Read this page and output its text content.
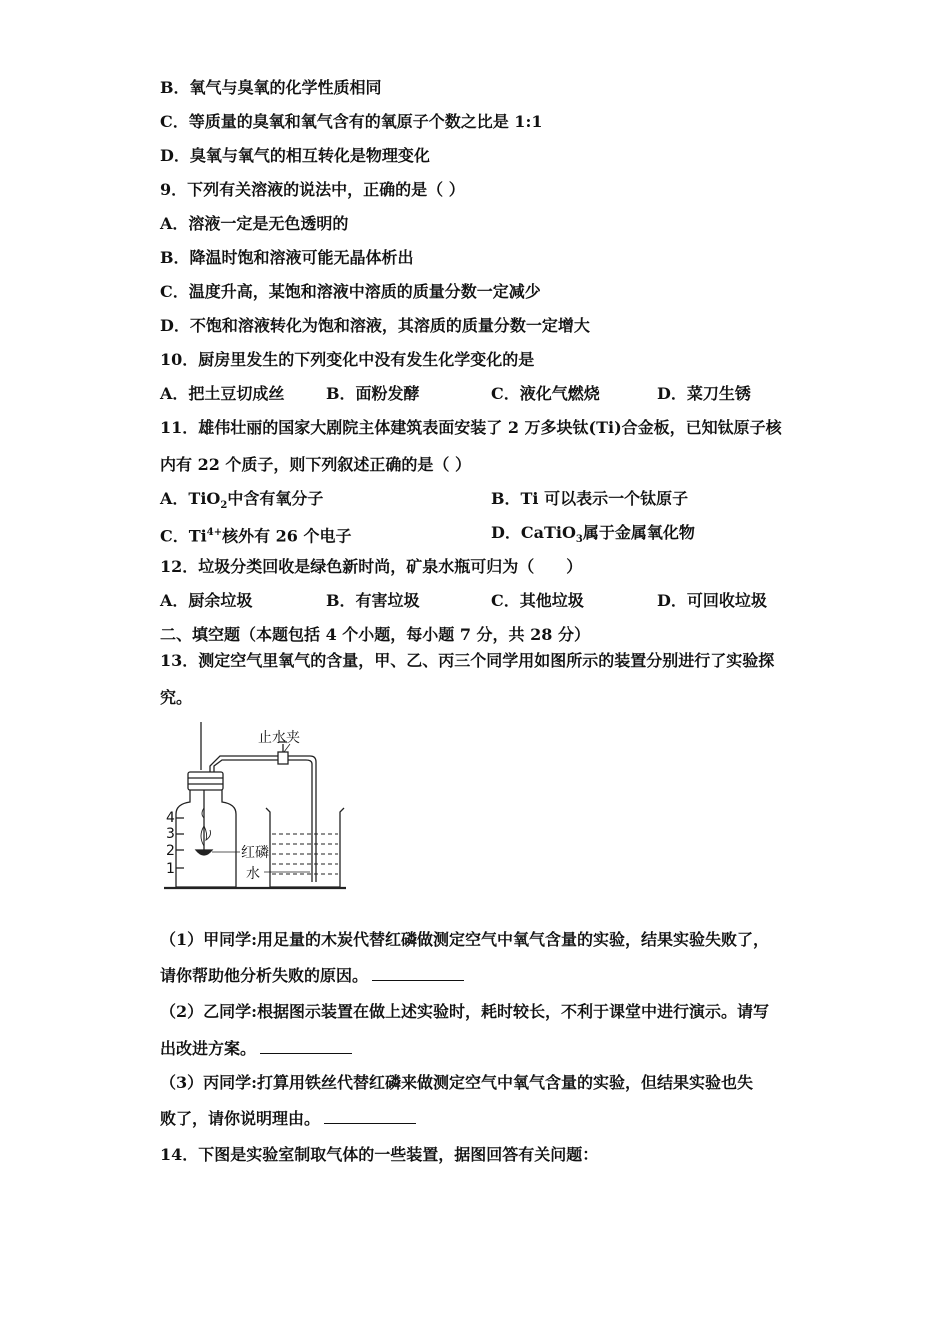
B．氧气与臭氧的化学性质相同
C．等质量的臭氧和氧气含有的氧原子个数之比是 1:1
D．臭氧与氧气的相互转化是物理变化
9．下列有关溶液的说法中，正确的是（ ）
A．溶液一定是无色透明的
B．降温时饱和溶液可能无晶体析出
C．温度升高，某饱和溶液中溶质的质量分数一定减少
D．不饱和溶液转化为饱和溶液，其溶质的质量分数一定增大
10．厨房里发生的下列变化中没有发生化学变化的是
A．把土豆切成丝	B．面粉发酵	C．液化气燃烧	D．菜刀生锈
11．雄伟壮丽的国家大剧院主体建筑表面安装了 2 万多块钛(Ti)合金板，已知钛原子核
内有 22 个质子，则下列叙述正确的是（ ）
A．TiO$_2$中含有氧分子	B．Ti 可以表示一个钛原子
C．$Ti^{4+}$核外有 26 个电子	D．CaTiO$_3$属于金属氧化物
12．垃圾分类回收是绿色新时尚，矿泉水瓶可归为（　　）
A．厨余垃圾	B．有害垃圾	C．其他垃圾	D．可回收垃圾
二、填空题（本题包括 4 个小题，每小题 7 分，共 28 分）
13．测定空气里氧气的含量，甲、乙、丙三个同学用如图所示的装置分别进行了实验探
究。
止水夹
红磷
水
4
3
2
1
（1）甲同学:用足量的木炭代替红磷做测定空气中氧气含量的实验，结果实验失败了，
请你帮助他分析失败的原因。
（2）乙同学:根据图示装置在做上述实验时，耗时较长，不利于课堂中进行演示。请写
出改进方案。
（3）丙同学:打算用铁丝代替红磷来做测定空气中氧气含量的实验，但结果实验也失
败了，请你说明理由。
14．下图是实验室制取气体的一些装置，据图回答有关问题：
